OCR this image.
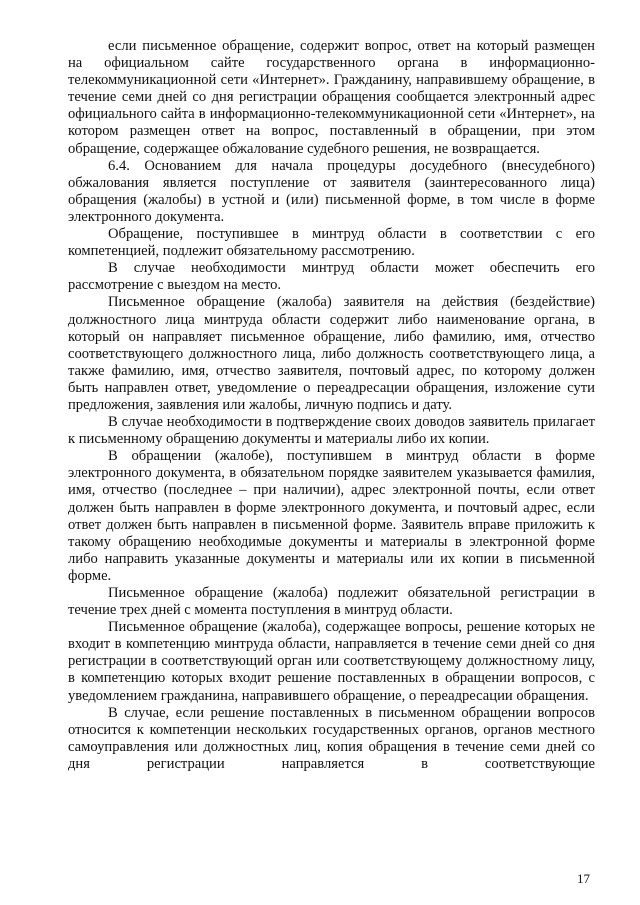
если письменное обращение, содержит вопрос, ответ на который размещен на официальном сайте государственного органа в информационно-телекоммуникационной сети «Интернет». Гражданину, направившему обращение, в течение семи дней со дня регистрации обращения сообщается электронный адрес официального сайта в информационно-телекоммуникационной сети «Интернет», на котором размещен ответ на вопрос, поставленный в обращении, при этом обращение, содержащее обжалование судебного решения, не возвращается.

6.4. Основанием для начала процедуры досудебного (внесудебного) обжалования является поступление от заявителя (заинтересованного лица) обращения (жалобы) в устной и (или) письменной форме, в том числе в форме электронного документа.

Обращение, поступившее в минтруд области в соответствии с его компетенцией, подлежит обязательному рассмотрению.

В случае необходимости минтруд области может обеспечить его рассмотрение с выездом на место.

Письменное обращение (жалоба) заявителя на действия (бездействие) должностного лица минтруда области содержит либо наименование органа, в который он направляет письменное обращение, либо фамилию, имя, отчество соответствующего должностного лица, либо должность соответствующего лица, а также фамилию, имя, отчество заявителя, почтовый адрес, по которому должен быть направлен ответ, уведомление о переадресации обращения, изложение сути предложения, заявления или жалобы, личную подпись и дату.

В случае необходимости в подтверждение своих доводов заявитель прилагает к письменному обращению документы и материалы либо их копии.

В обращении (жалобе), поступившем в минтруд области в форме электронного документа, в обязательном порядке заявителем указывается фамилия, имя, отчество (последнее – при наличии), адрес электронной почты, если ответ должен быть направлен в форме электронного документа, и почтовый адрес, если ответ должен быть направлен в письменной форме. Заявитель вправе приложить к такому обращению необходимые документы и материалы в электронной форме либо направить указанные документы и материалы или их копии в письменной форме.

Письменное обращение (жалоба) подлежит обязательной регистрации в течение трех дней с момента поступления в минтруд области.

Письменное обращение (жалоба), содержащее вопросы, решение которых не входит в компетенцию минтруда области, направляется в течение семи дней со дня регистрации в соответствующий орган или соответствующему должностному лицу, в компетенцию которых входит решение поставленных в обращении вопросов, с уведомлением гражданина, направившего обращение, о переадресации обращения.

В случае, если решение поставленных в письменном обращении вопросов относится к компетенции нескольких государственных органов, органов местного самоуправления или должностных лиц, копия обращения в течение семи дней со дня регистрации направляется в соответствующие

17
